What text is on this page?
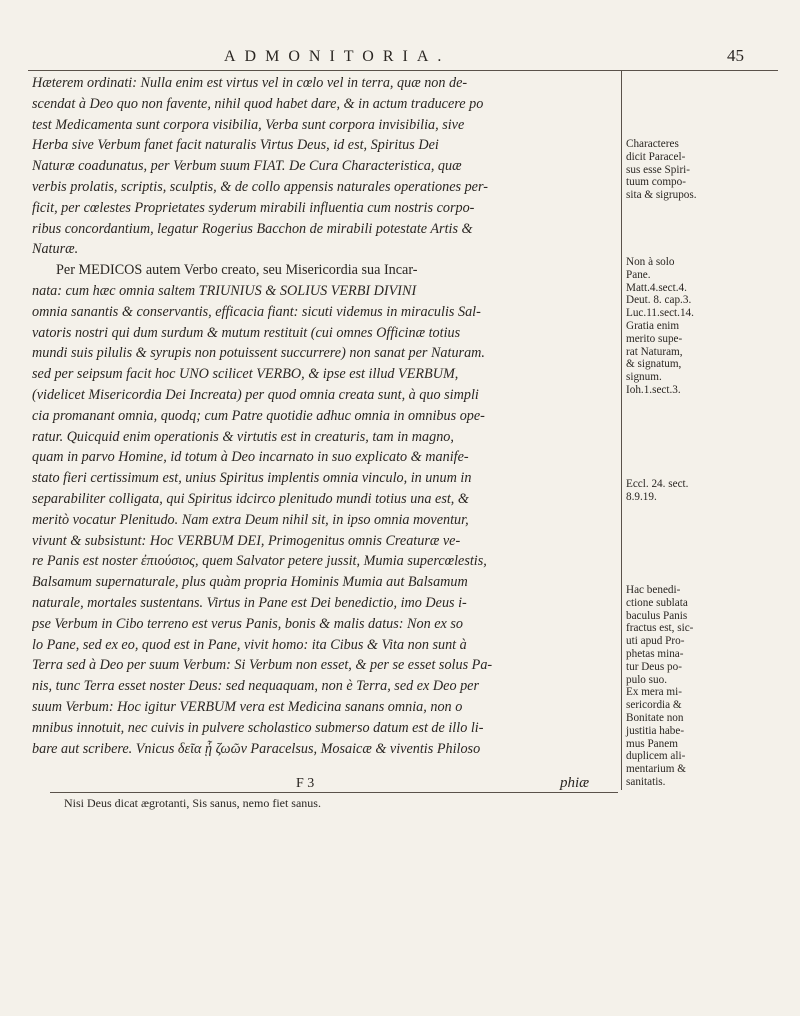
ADMONITORIA.	45
Hæterem ordinati: Nulla enim est virtus vel in cœlo vel in terra, quæ non de-
scendat à Deo quo non favente, nihil quod habet dare, & in actum traducere po
test Medicamenta sunt corpora visibilia, Verba sunt corpora invisibilia, sive
Herba sive Verbum fanet facit naturalis Virtus Deus, id est, Spiritus Dei
Naturæ coadunatus, per Verbum suum FIAT. De Cura Characteristica, quæ
verbis prolatis, scriptis, sculptis, & de collo appensis naturales operationes per-
ficit, per cœlestes Proprietates syderum mirabili influentia cum nostris corpo-
ribus concordantium, legatur Rogerius Bacchon de mirabili potestate Artis &
Naturæ.
Per MEDICOS autem Verbo creato, seu Misericordia sua Incar-
nata: cum hæc omnia saltem TRIUNIUS & SOLIUS VERBI DIVINI
omnia sanantis & conservantis, efficacia fiant: sicuti videmus in miraculis Sal-
vatoris nostri qui dum surdum & mutum restituit (cui omnes Officinæ totius
mundi suis pilulis & syrupis non potuissent succurrere) non sanat per Naturam.
sed per seipsum facit hoc UNO scilicet VERBO, & ipse est illud VERBUM,
(videlicet Misericordia Dei Increata) per quod omnia creata sunt, à quo simpli
cia promanant omnia, quodq; cum Patre quotidie adhuc omnia in omnibus ope-
ratur. Quicquid enim operationis & virtutis est in creaturis, tam in magno,
quam in parvo Homine, id totum à Deo incarnato in suo explicato & manife-
stato fieri certissimum est, unius Spiritus implentis omnia vinculo, in unum in
separabiliter colligata, qui Spiritus idcirco plenitudo mundi totius una est, &
meritò vocatur Plenitudo. Nam extra Deum nihil sit, in ipso omnia moventur,
vivunt & subsistunt: Hoc VERBUM DEI, Primogenitus omnis Creaturæ ve-
re Panis est noster ἐπιούσιος, quem Salvator petere jussit, Mumia supercœlestis,
Balsamum supernaturale, plus quàm propria Hominis Mumia aut Balsamum
naturale, mortales sustentans. Virtus in Pane est Dei benedictio, imo Deus i-
pse Verbum in Cibo terreno est verus Panis, bonis & malis datus: Non ex so
lo Pane, sed ex eo, quod est in Pane, vivit homo: ita Cibus & Vita non sunt à
Terra sed à Deo per suum Verbum: Si Verbum non esset, & per se esset solus Pa-
nis, tunc Terra esset noster Deus: sed nequaquam, non è Terra, sed ex Deo per
suum Verbum: Hoc igitur VERBUM vera est Medicina sanans omnia, non o
mnibus innotuit, nec cuivis in pulvere scholastico submerso datum est de illo li-
bare aut scribere. Vnicus δεῖα ᾗ ζωῶν Paracelsus, Mosaicæ & viventis Philoso
Characteres
dicit Paracel-
sus esse Spiri-
tuum compo-
sita & sigrupos.
Non à solo
Pane.
Matt.4.sect.4.
Deut. 8. cap.3.
Luc.11.sect.14.
Gratia enim
merito supe-
rat Naturam,
& signatum,
signum.
Ioh.1.sect.3.
Eccl. 24. sect.
8.9.19.
Hac benedi-
ctione sublata
baculus Panis
fractus est, sic-
uti apud Pro-
phetas mina-
tur Deus po-
pulo suo.
Ex mera mi-
sericordia &
Bonitate non
justitia habe-
mus Panem
duplicem ali-
mentarium &
sanitatis.
F 3	phiæ
Nisi Deus dicat ægrotanti, Sis sanus, nemo fiet sanus.
